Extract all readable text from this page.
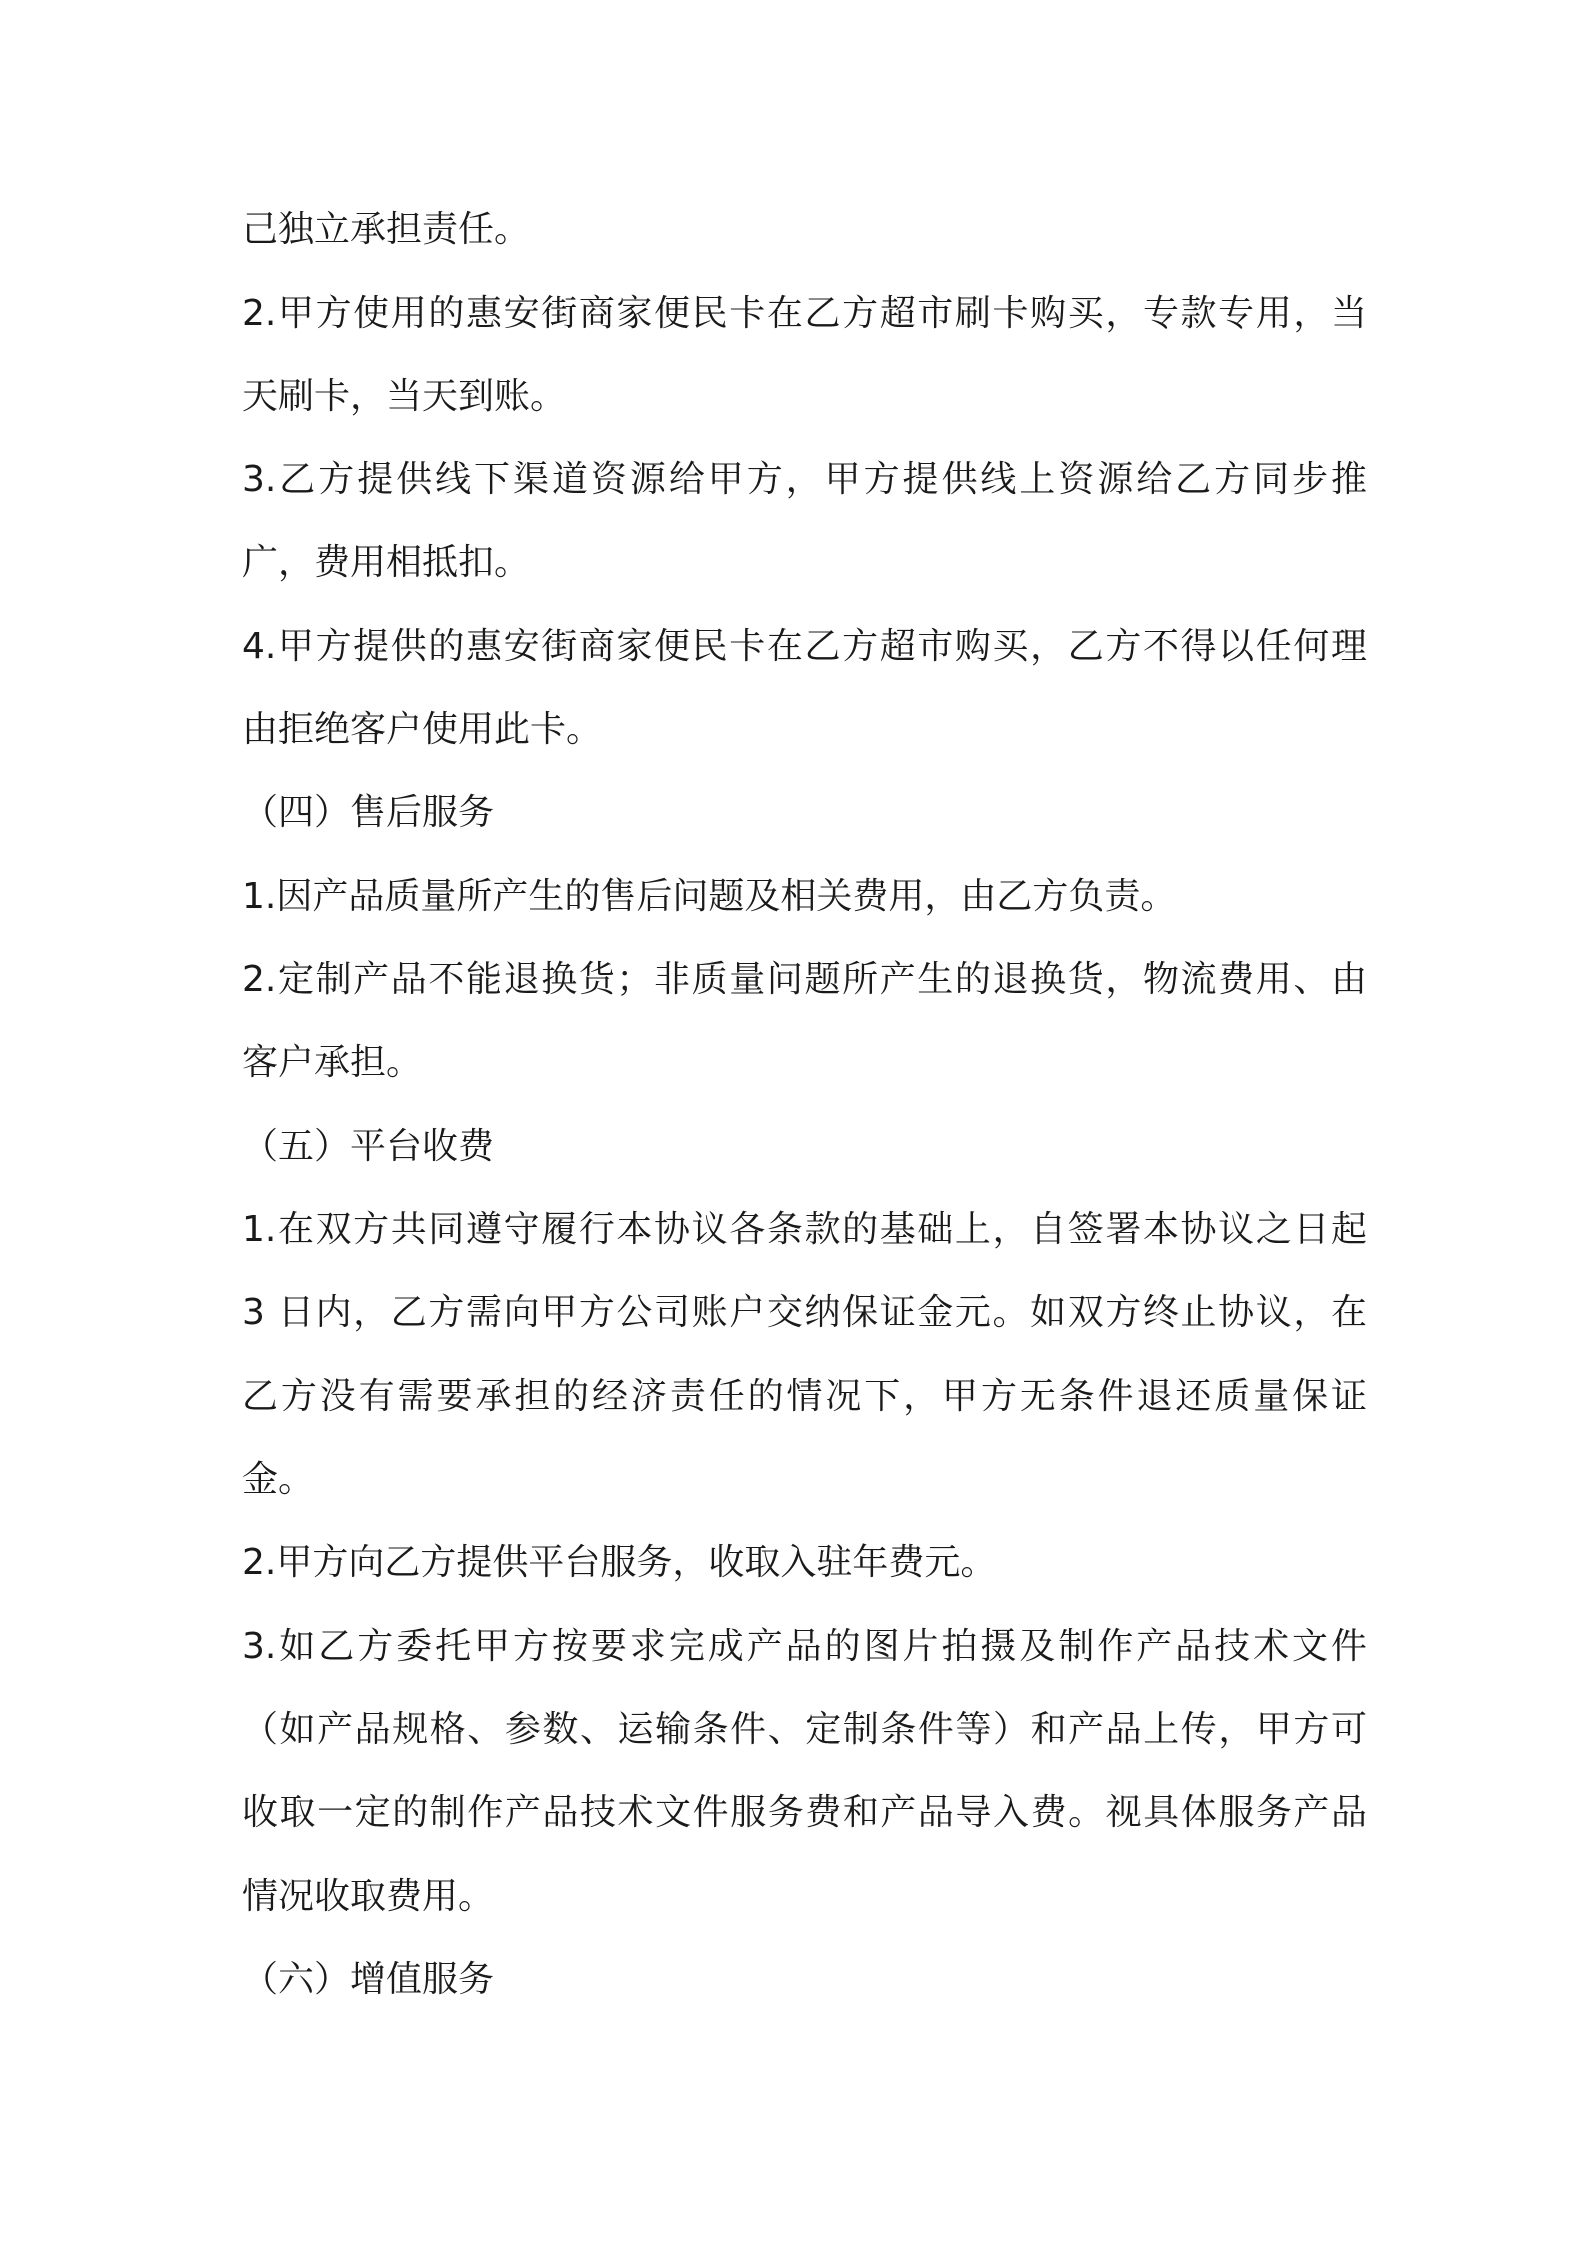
己独立承担责任。
2.甲方使用的惠安街商家便民卡在乙方超市刷卡购买，专款专用，当
天刷卡，当天到账。
3.乙方提供线下渠道资源给甲方，甲方提供线上资源给乙方同步推
广，费用相抵扣。
4.甲方提供的惠安街商家便民卡在乙方超市购买，乙方不得以任何理
由拒绝客户使用此卡。
（四）售后服务
1.因产品质量所产生的售后问题及相关费用，由乙方负责。
2.定制产品不能退换货；非质量问题所产生的退换货，物流费用、由
客户承担。
（五）平台收费
1.在双方共同遵守履行本协议各条款的基础上，自签署本协议之日起
3 日内，乙方需向甲方公司账户交纳保证金元。如双方终止协议，在
乙方没有需要承担的经济责任的情况下，甲方无条件退还质量保证
金。
2.甲方向乙方提供平台服务，收取入驻年费元。
3.如乙方委托甲方按要求完成产品的图片拍摄及制作产品技术文件
（如产品规格、参数、运输条件、定制条件等）和产品上传，甲方可
收取一定的制作产品技术文件服务费和产品导入费。视具体服务产品
情况收取费用。
（六）增值服务
